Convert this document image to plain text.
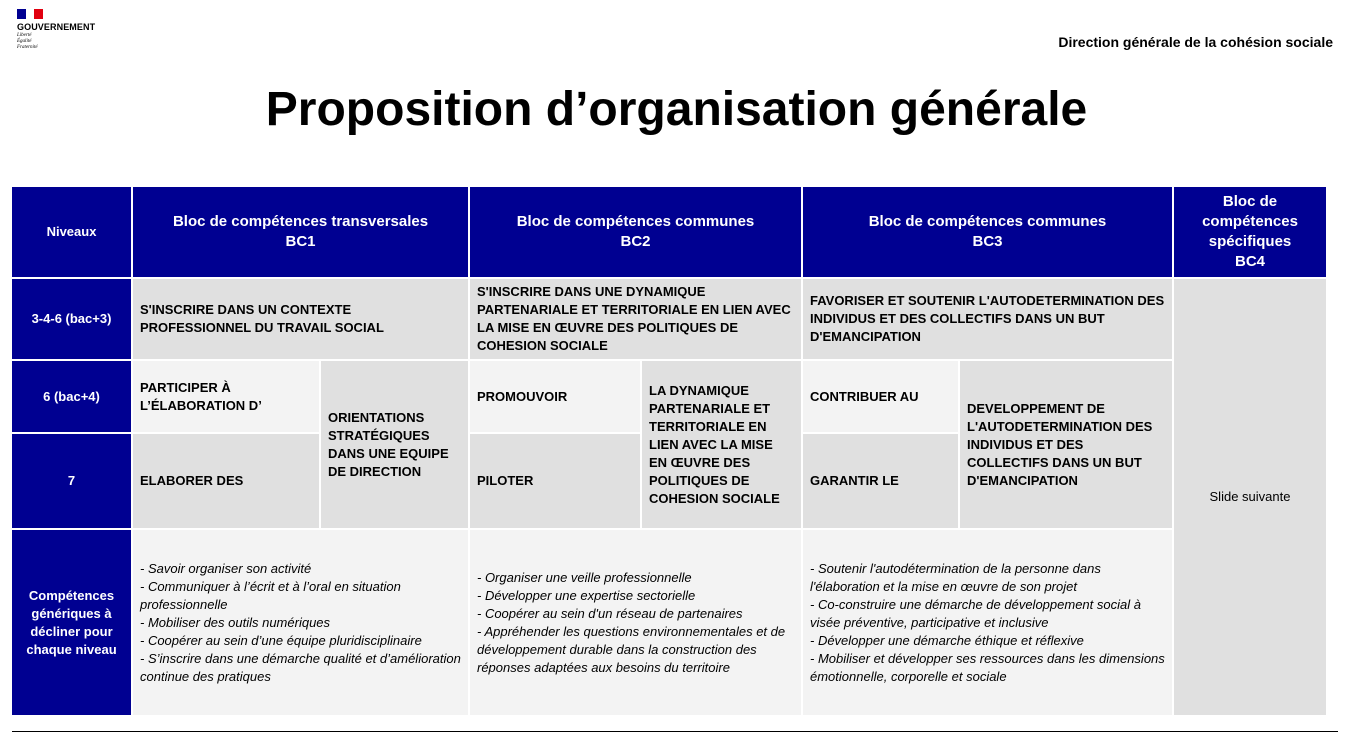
GOUVERNEMENT
Liberté
Égalité
Fraternité	Direction générale de la cohésion sociale
Proposition d’organisation générale
Niveaux
Bloc de compétences transversales
BC1
Bloc de compétences communes
BC2
Bloc de compétences communes
BC3
Bloc de
compétences
spécifiques
BC4
3-4-6 (bac+3)
6 (bac+4)
7
Compétences génériques à décliner pour chaque niveau
S'INSCRIRE DANS UN CONTEXTE PROFESSIONNEL DU TRAVAIL SOCIAL
PARTICIPER À L’ÉLABORATION D’
ELABORER DES
ORIENTATIONS STRATÉGIQUES DANS UNE EQUIPE DE DIRECTION
- Savoir organiser son activité
- Communiquer à l’écrit et à l’oral en situation professionnelle
- Mobiliser des outils numériques
- Coopérer au sein d’une équipe pluridisciplinaire
- S’inscrire dans une démarche qualité et d’amélioration continue des pratiques
S'INSCRIRE DANS UNE DYNAMIQUE PARTENARIALE ET TERRITORIALE EN LIEN AVEC LA MISE EN ŒUVRE DES POLITIQUES DE COHESION SOCIALE
PROMOUVOIR
PILOTER
LA DYNAMIQUE PARTENARIALE ET TERRITORIALE EN LIEN AVEC LA MISE EN ŒUVRE DES POLITIQUES DE COHESION SOCIALE
- Organiser une veille professionnelle
- Développer une expertise sectorielle
- Coopérer au sein d'un réseau de partenaires
- Appréhender les questions environnementales et de développement durable dans la construction des réponses adaptées aux besoins du territoire
FAVORISER ET SOUTENIR L'AUTODETERMINATION DES INDIVIDUS ET DES COLLECTIFS DANS UN BUT D'EMANCIPATION
CONTRIBUER AU
GARANTIR LE
DEVELOPPEMENT DE L'AUTODETERMINATION DES INDIVIDUS ET DES COLLECTIFS DANS UN BUT D'EMANCIPATION
- Soutenir l'autodétermination de la personne dans l'élaboration et la mise en œuvre de son projet
- Co-construire une démarche de développement social à visée préventive, participative et inclusive
- Développer une démarche éthique et réflexive
- Mobiliser et développer ses ressources dans les dimensions émotionnelle, corporelle et sociale
Slide suivante
